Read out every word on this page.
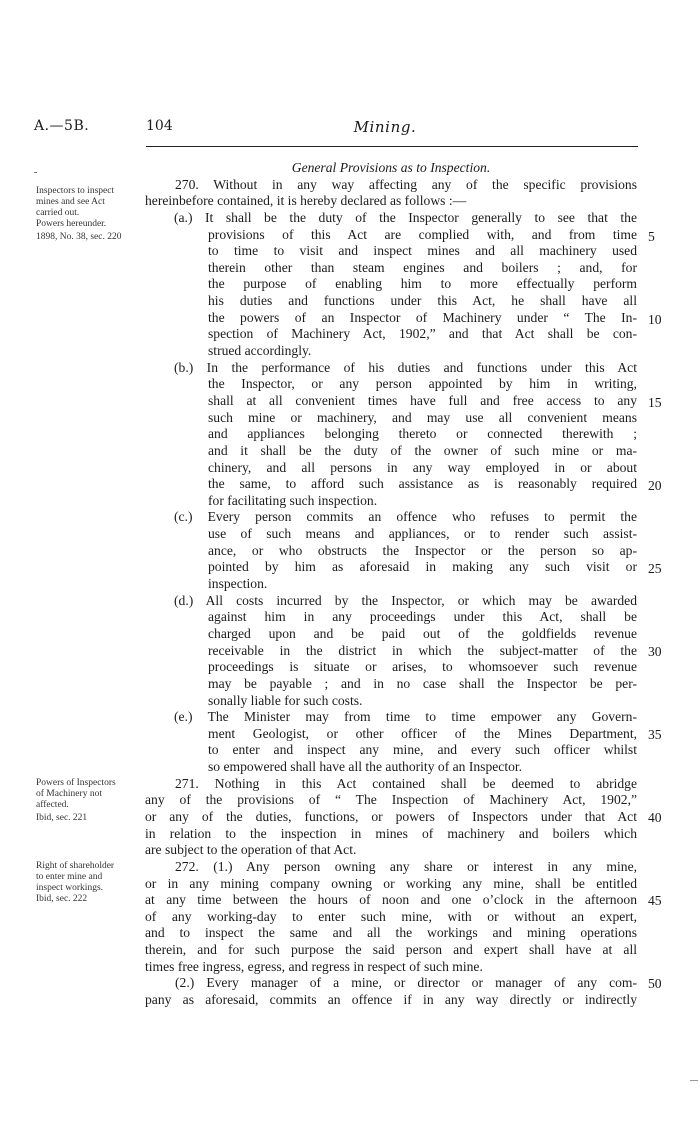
A.—5B.	104	Mining.
Inspectors to inspect
mines and see Act
carried out.
Powers hereunder.
1898, No. 38, sec. 220
Powers of Inspectors
of Machinery not
affected.
Ibid, sec. 221
Right of shareholder
to enter mine and
inspect workings.
Ibid, sec. 222
General Provisions as to Inspection.
270. Without in any way affecting any of the specific provisions
hereinbefore contained, it is hereby declared as follows :—
(a.) It shall be the duty of the Inspector generally to see that the
provisions of this Act are complied with, and from time
to time to visit and inspect mines and all machinery used
therein other than steam engines and boilers ; and, for
the purpose of enabling him to more effectually perform
his duties and functions under this Act, he shall have all
the powers of an Inspector of Machinery under “ The In-
spection of Machinery Act, 1902,” and that Act shall be con-
strued accordingly.
(b.) In the performance of his duties and functions under this Act
the Inspector, or any person appointed by him in writing,
shall at all convenient times have full and free access to any
such mine or machinery, and may use all convenient means
and appliances belonging thereto or connected therewith ;
and it shall be the duty of the owner of such mine or ma-
chinery, and all persons in any way employed in or about
the same, to afford such assistance as is reasonably required
for facilitating such inspection.
(c.) Every person commits an offence who refuses to permit the
use of such means and appliances, or to render such assist-
ance, or who obstructs the Inspector or the person so ap-
pointed by him as aforesaid in making any such visit or
inspection.
(d.) All costs incurred by the Inspector, or which may be awarded
against him in any proceedings under this Act, shall be
charged upon and be paid out of the goldfields revenue
receivable in the district in which the subject-matter of the
proceedings is situate or arises, to whomsoever such revenue
may be payable ; and in no case shall the Inspector be per-
sonally liable for such costs.
(e.) The Minister may from time to time empower any Govern-
ment Geologist, or other officer of the Mines Department,
to enter and inspect any mine, and every such officer whilst
so empowered shall have all the authority of an Inspector.
271. Nothing in this Act contained shall be deemed to abridge
any of the provisions of “ The Inspection of Machinery Act, 1902,”
or any of the duties, functions, or powers of Inspectors under that Act
in relation to the inspection in mines of machinery and boilers which
are subject to the operation of that Act.
272. (1.) Any person owning any share or interest in any mine,
or in any mining company owning or working any mine, shall be entitled
at any time between the hours of noon and one o’clock in the afternoon
of any working-day to enter such mine, with or without an expert,
and to inspect the same and all the workings and mining operations
therein, and for such purpose the said person and expert shall have at all
times free ingress, egress, and regress in respect of such mine.
(2.) Every manager of a mine, or director or manager of any com-
pany as aforesaid, commits an offence if in any way directly or indirectly
5
10
15
20
25
30
35
40
45
50
